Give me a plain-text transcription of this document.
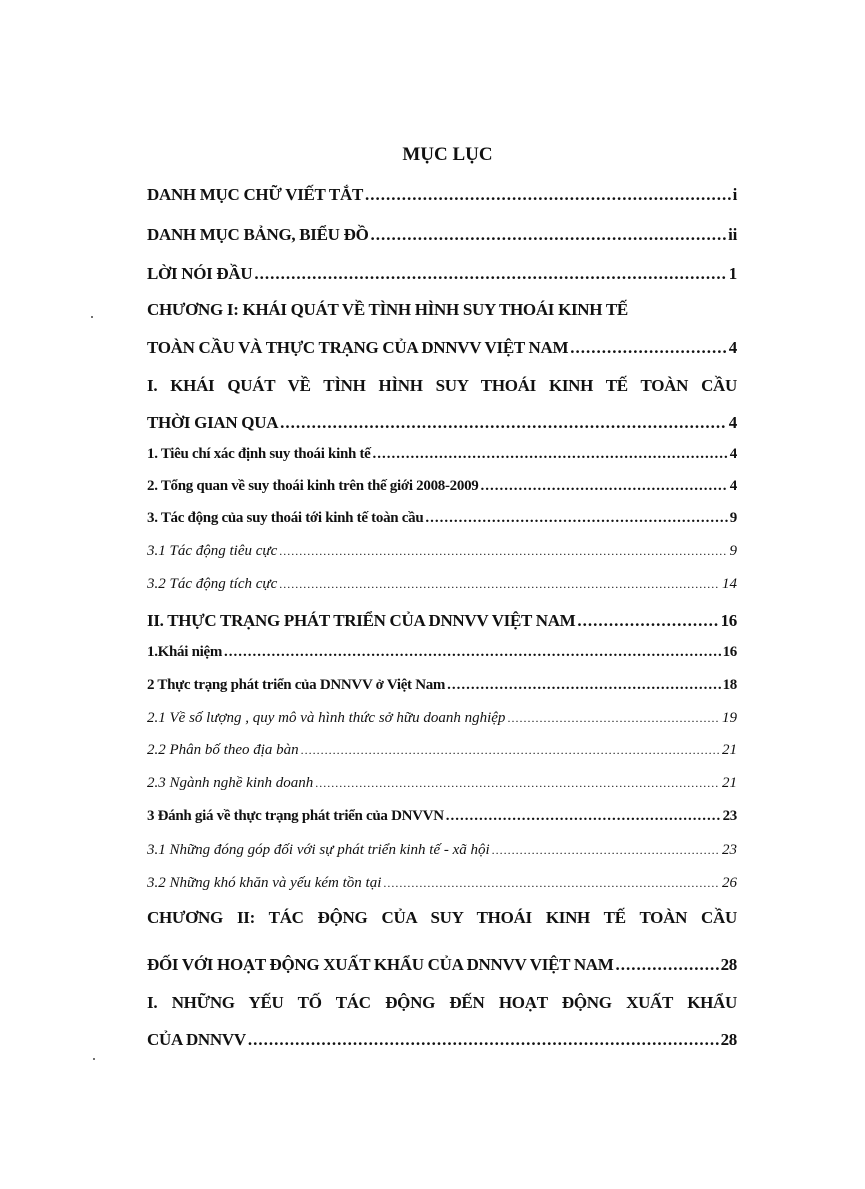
MỤC LỤC
DANH MỤC CHỮ VIẾT TẮT .....	i
DANH MỤC BẢNG, BIỂU ĐỒ .....	ii
LỜI NÓI ĐẦU .....	1
CHƯƠNG I: KHÁI QUÁT VỀ TÌNH HÌNH SUY THOÁI KINH TẾ
TOÀN CẦU VÀ THỰC TRẠNG CỦA DNNVV VIỆT NAM .....	4
I. KHÁI QUÁT VỀ TÌNH HÌNH SUY THOÁI KINH TẾ TOÀN CẦU
THỜI GIAN QUA .....	4
1. Tiêu chí xác định suy thoái kinh tế .....	4
2. Tổng quan về suy thoái kinh trên thế giới 2008-2009 .....	4
3. Tác động của suy thoái tới kinh tế toàn cầu .....	9
3.1 Tác động tiêu cực .....	9
3.2 Tác động tích cực .....	14
II. THỰC TRẠNG PHÁT TRIỂN CỦA DNNVV VIỆT NAM .....	16
1.Khái niệm .....	16
2 Thực trạng phát triển của DNNVV ở Việt Nam .....	18
2.1 Về số lượng , quy mô và hình thức sở hữu doanh nghiệp .....	19
2.2 Phân bố theo địa bàn .....	21
2.3 Ngành nghề kinh doanh .....	21
3 Đánh giá về thực trạng phát triển của DNVVN .....	23
3.1 Những đóng góp đối với sự phát triển kinh tế - xã hội .....	23
3.2 Những khó khăn và yếu kém tồn tại .....	26
CHƯƠNG II: TÁC ĐỘNG CỦA SUY THOÁI KINH TẾ TOÀN CẦU
ĐỐI VỚI HOẠT ĐỘNG XUẤT KHẨU CỦA DNNVV VIỆT NAM .....	28
I. NHỮNG YẾU TỐ TÁC ĐỘNG ĐẾN HOẠT ĐỘNG XUẤT KHẨU
CỦA DNNVV .....	28
